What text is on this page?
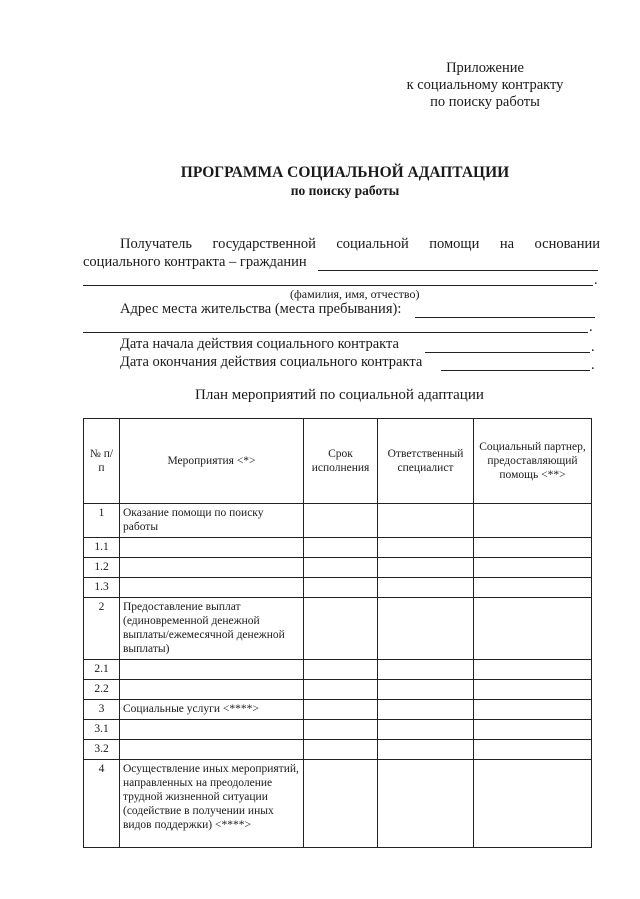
Приложение
к социальному контракту
по поиску работы
ПРОГРАММА СОЦИАЛЬНОЙ АДАПТАЦИИ
по поиску работы
Получатель государственной социальной помощи на основании
социального контракта – гражданин
.
(фамилия, имя, отчество)
Адрес места жительства (места пребывания):
.
Дата начала действия социального контракта	.
Дата окончания действия социального контракта	.
План мероприятий по социальной адаптации
№ п/п	Мероприятия <*>	Срок исполнения	Ответственный специалист	Социальный партнер, предоставляющий помощь <**>
1	Оказание помощи по поиску работы			
1.1				
1.2				
1.3				
2	Предоставление выплат (единовременной денежной выплаты/ежемесячной денежной выплаты)			
2.1				
2.2				
3	Социальные услуги <****>			
3.1				
3.2				
4	Осуществление иных мероприятий, направленных на преодоление трудной жизненной ситуации (содействие в получении иных видов поддержки) <****>			
